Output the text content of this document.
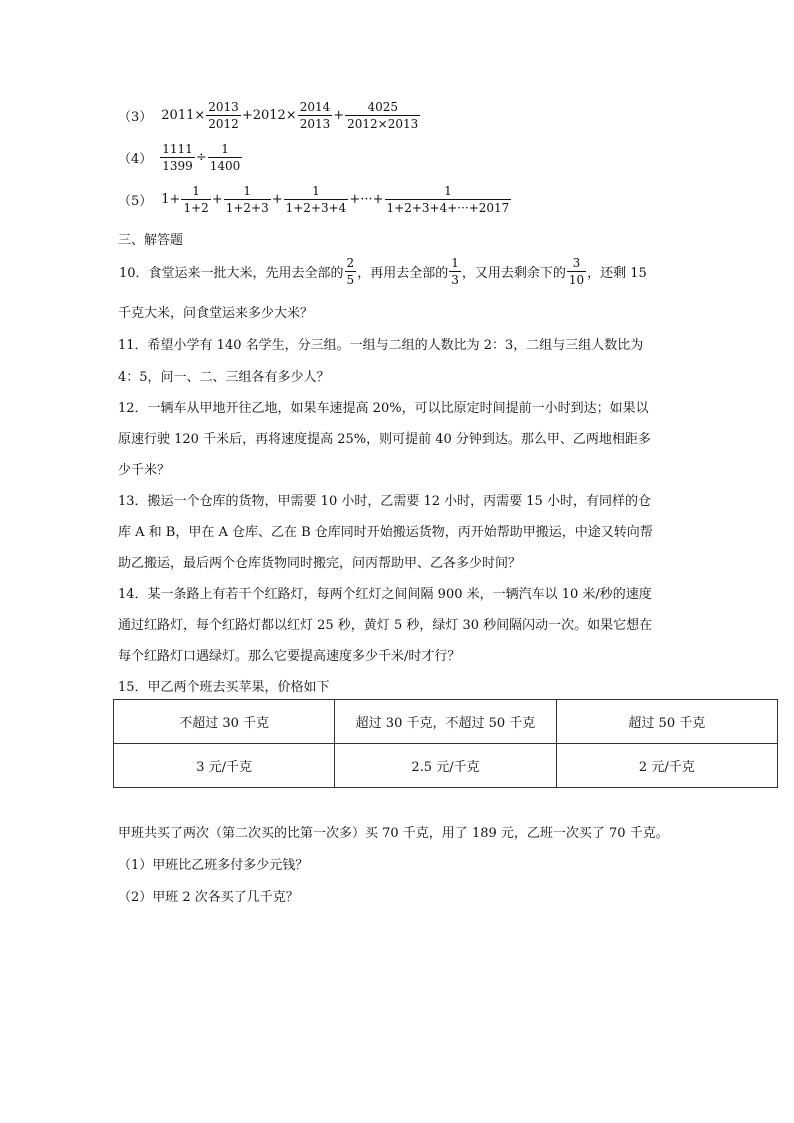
（3） $2011\times \frac{2013}{2012} +2012\times \frac{2014}{2013} + \frac{4025}{2012\times 2013}$
$(4) \frac{1111}{1399} \div \frac{1}{1400}$
（5） $1+ \frac{1}{1+2} + \frac{1}{1+2+3} + \frac{1}{1+2+3+4}$ +···+ $\frac{1}{1+2+3+4+\cdot\cdot\cdot+2017}$
三、解答题
10．食堂运来一批大米，先用去全部的 $\frac{2}{5}$ ，再用去全部的 $\frac{1}{3}$ ，又用去剩余下的 $\frac{3}{10}$ ，还剩 15
千克大米，问食堂运来多少大米？
11．希望小学有 140 名学生，分三组。一组与二组的人数比为 2：3，二组与三组人数比为
4：5，问一、二、三组各有多少人？
12．一辆车从甲地开往乙地，如果车速提高 20%，可以比原定时间提前一小时到达；如果以
原速行驶 120 千米后，再将速度提高 25%，则可提前 40 分钟到达。那么甲、乙两地相距多
少千米？
13．搬运一个仓库的货物，甲需要 10 小时，乙需要 12 小时，丙需要 15 小时，有同样的仓
库 A 和 B，甲在 A 仓库、乙在 B 仓库同时开始搬运货物，丙开始帮助甲搬运，中途又转向帮
助乙搬运，最后两个仓库货物同时搬完，问丙帮助甲、乙各多少时间？
14．某一条路上有若干个红路灯，每两个红灯之间间隔 900 米，一辆汽车以 10 米/秒的速度
通过红路灯，每个红路灯都以红灯 25 秒，黄灯 5 秒，绿灯 30 秒间隔闪动一次。如果它想在
每个红路灯口遇绿灯。那么它要提高速度多少千米/时才行？
15．甲乙两个班去买苹果，价格如下
不超过 30 千克	超过 30 千克，不超过 50 千克	超过 50 千克
3 元/千克	2.5 元/千克	2 元/千克
甲班共买了两次（第二次买的比第一次多）买 70 千克，用了 189 元，乙班一次买了 70 千克。
（1）甲班比乙班多付多少元钱？
（2）甲班 2 次各买了几千克？
